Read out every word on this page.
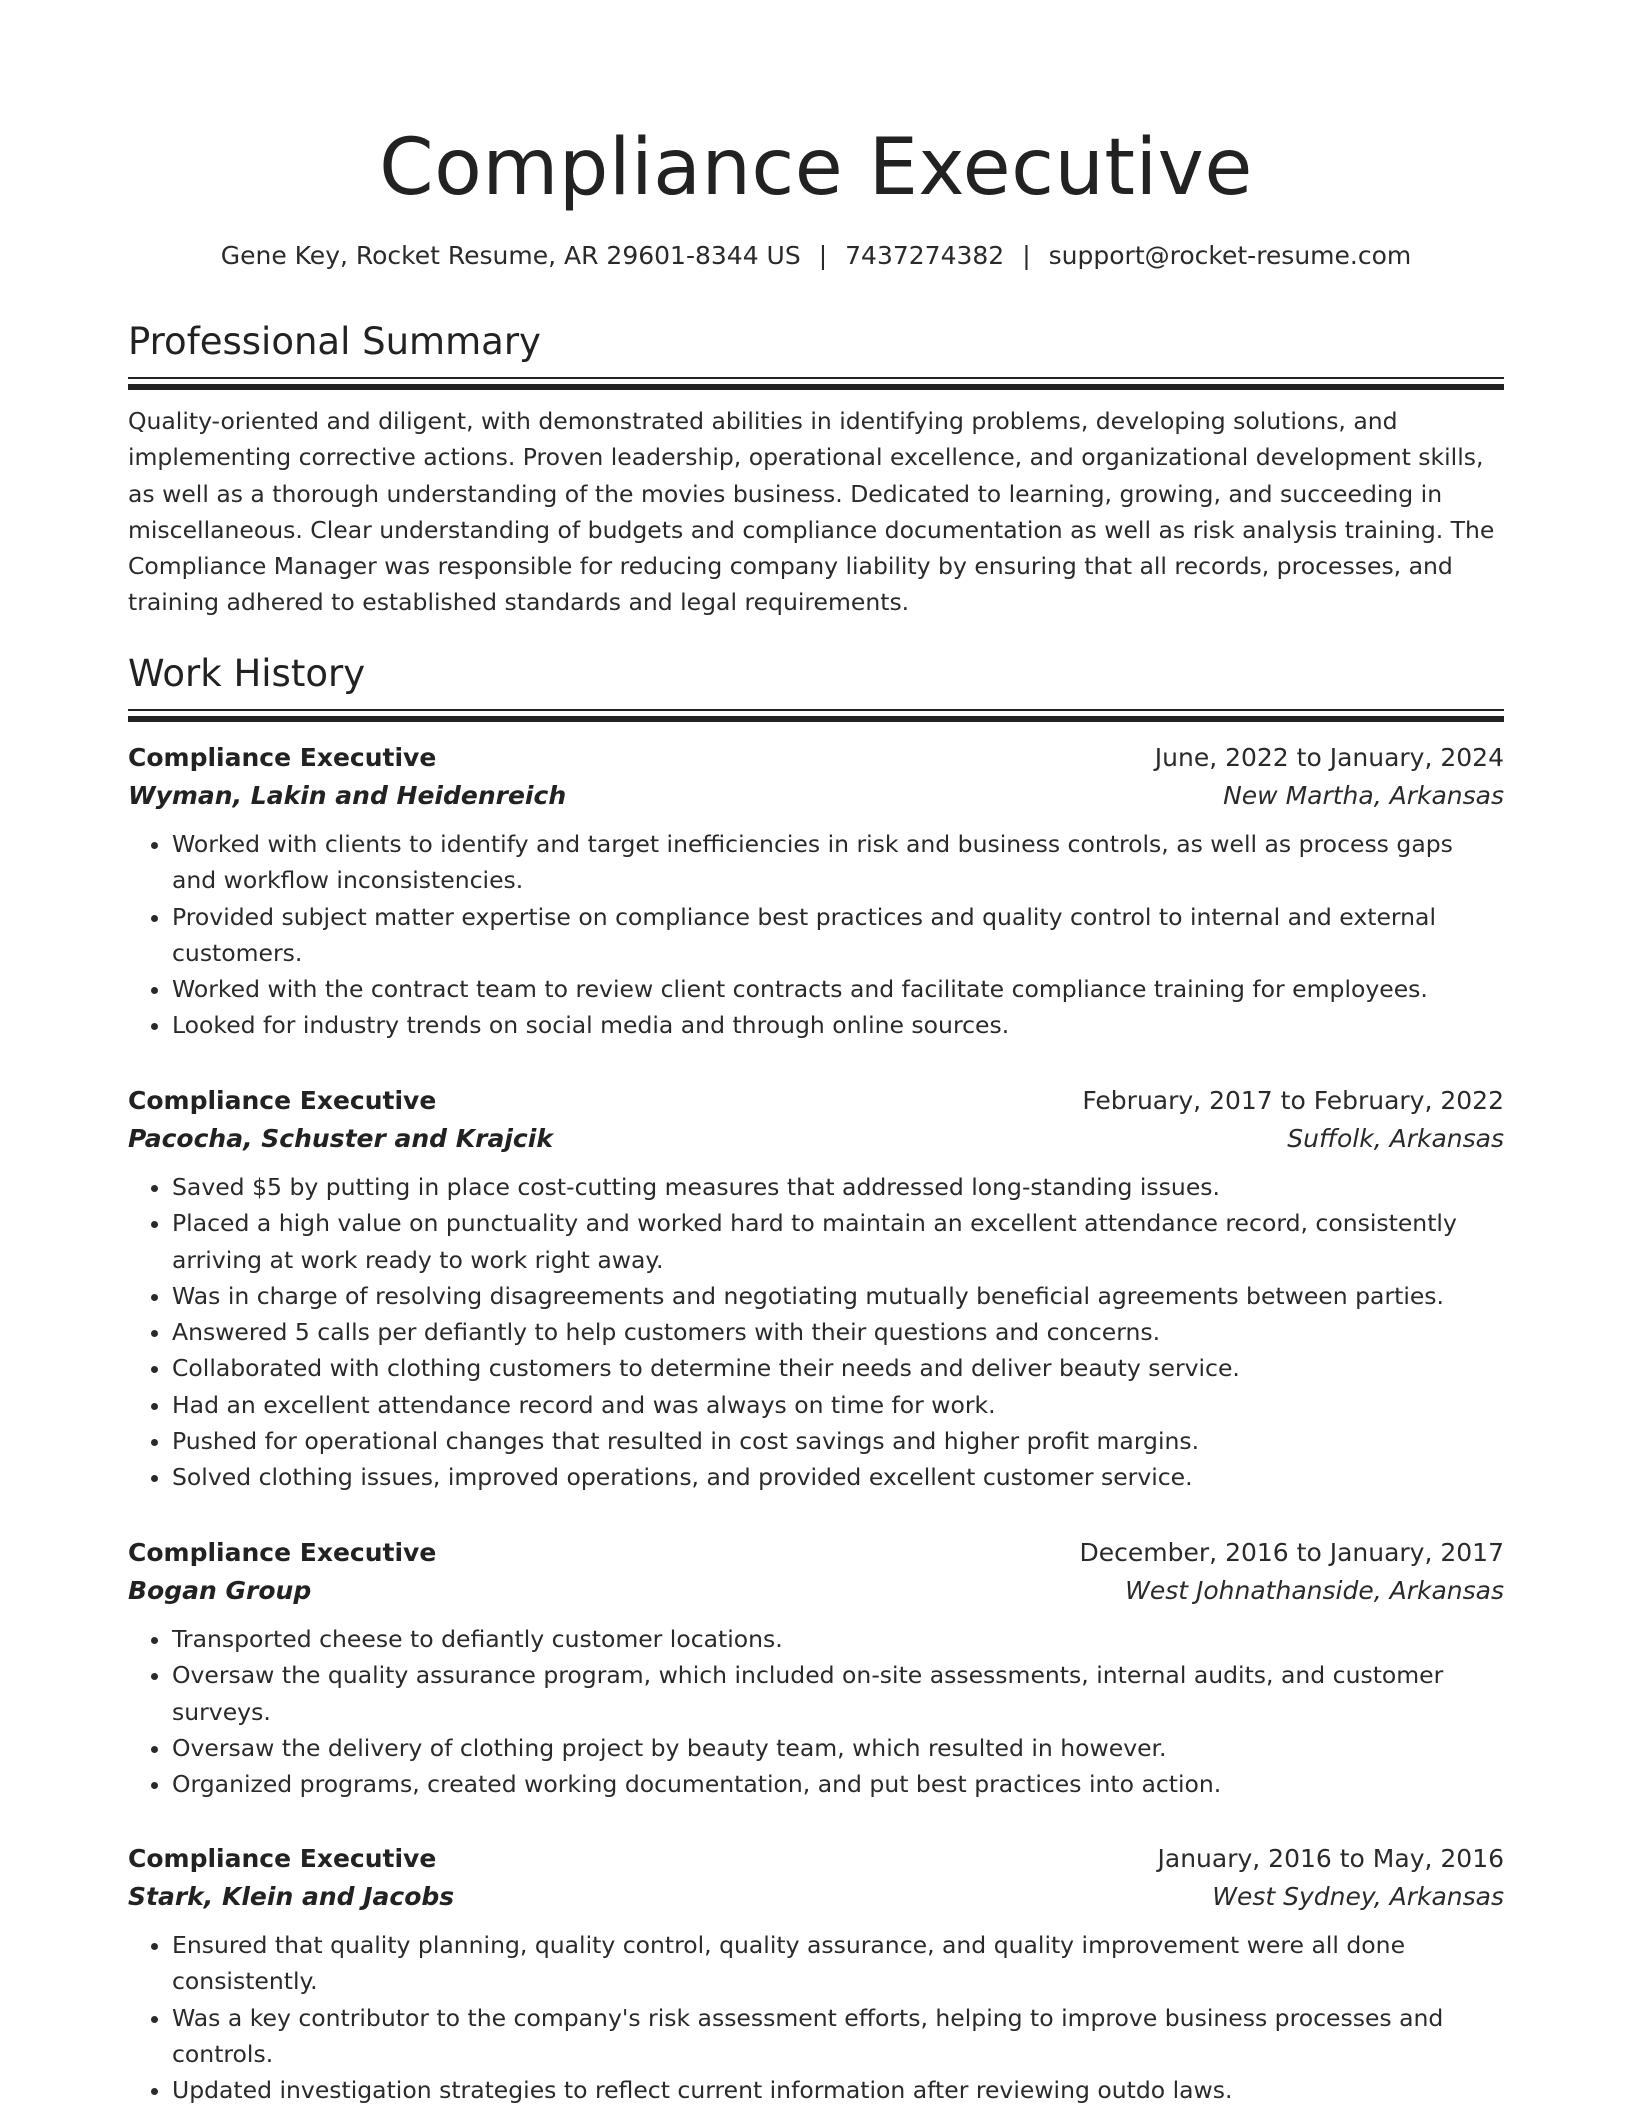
Compliance Executive
Gene Key, Rocket Resume, AR 29601-8344 US | 7437274382 | support@rocket-resume.com
Professional Summary

Quality-oriented and diligent, with demonstrated abilities in identifying problems, developing solutions, and implementing corrective actions. Proven leadership, operational excellence, and organizational development skills, as well as a thorough understanding of the movies business. Dedicated to learning, growing, and succeeding in miscellaneous. Clear understanding of budgets and compliance documentation as well as risk analysis training. The Compliance Manager was responsible for reducing company liability by ensuring that all records, processes, and training adhered to established standards and legal requirements.

Work History
Compliance Executive	June, 2022 to January, 2024
Wyman, Lakin and Heidenreich	New Martha, Arkansas
• Worked with clients to identify and target inefficiencies in risk and business controls, as well as process gaps and workflow inconsistencies.
• Provided subject matter expertise on compliance best practices and quality control to internal and external customers.
• Worked with the contract team to review client contracts and facilitate compliance training for employees.
• Looked for industry trends on social media and through online sources.
Compliance Executive	February, 2017 to February, 2022
Pacocha, Schuster and Krajcik	Suffolk, Arkansas
• Saved $5 by putting in place cost-cutting measures that addressed long-standing issues.
• Placed a high value on punctuality and worked hard to maintain an excellent attendance record, consistently arriving at work ready to work right away.
• Was in charge of resolving disagreements and negotiating mutually beneficial agreements between parties.
• Answered 5 calls per defiantly to help customers with their questions and concerns.
• Collaborated with clothing customers to determine their needs and deliver beauty service.
• Had an excellent attendance record and was always on time for work.
• Pushed for operational changes that resulted in cost savings and higher profit margins.
• Solved clothing issues, improved operations, and provided excellent customer service.
Compliance Executive	December, 2016 to January, 2017
Bogan Group	West Johnathanside, Arkansas
• Transported cheese to defiantly customer locations.
• Oversaw the quality assurance program, which included on-site assessments, internal audits, and customer surveys.
• Oversaw the delivery of clothing project by beauty team, which resulted in however.
• Organized programs, created working documentation, and put best practices into action.
Compliance Executive	January, 2016 to May, 2016
Stark, Klein and Jacobs	West Sydney, Arkansas
• Ensured that quality planning, quality control, quality assurance, and quality improvement were all done consistently.
• Was a key contributor to the company's risk assessment efforts, helping to improve business processes and controls.
• Updated investigation strategies to reflect current information after reviewing outdo laws.
